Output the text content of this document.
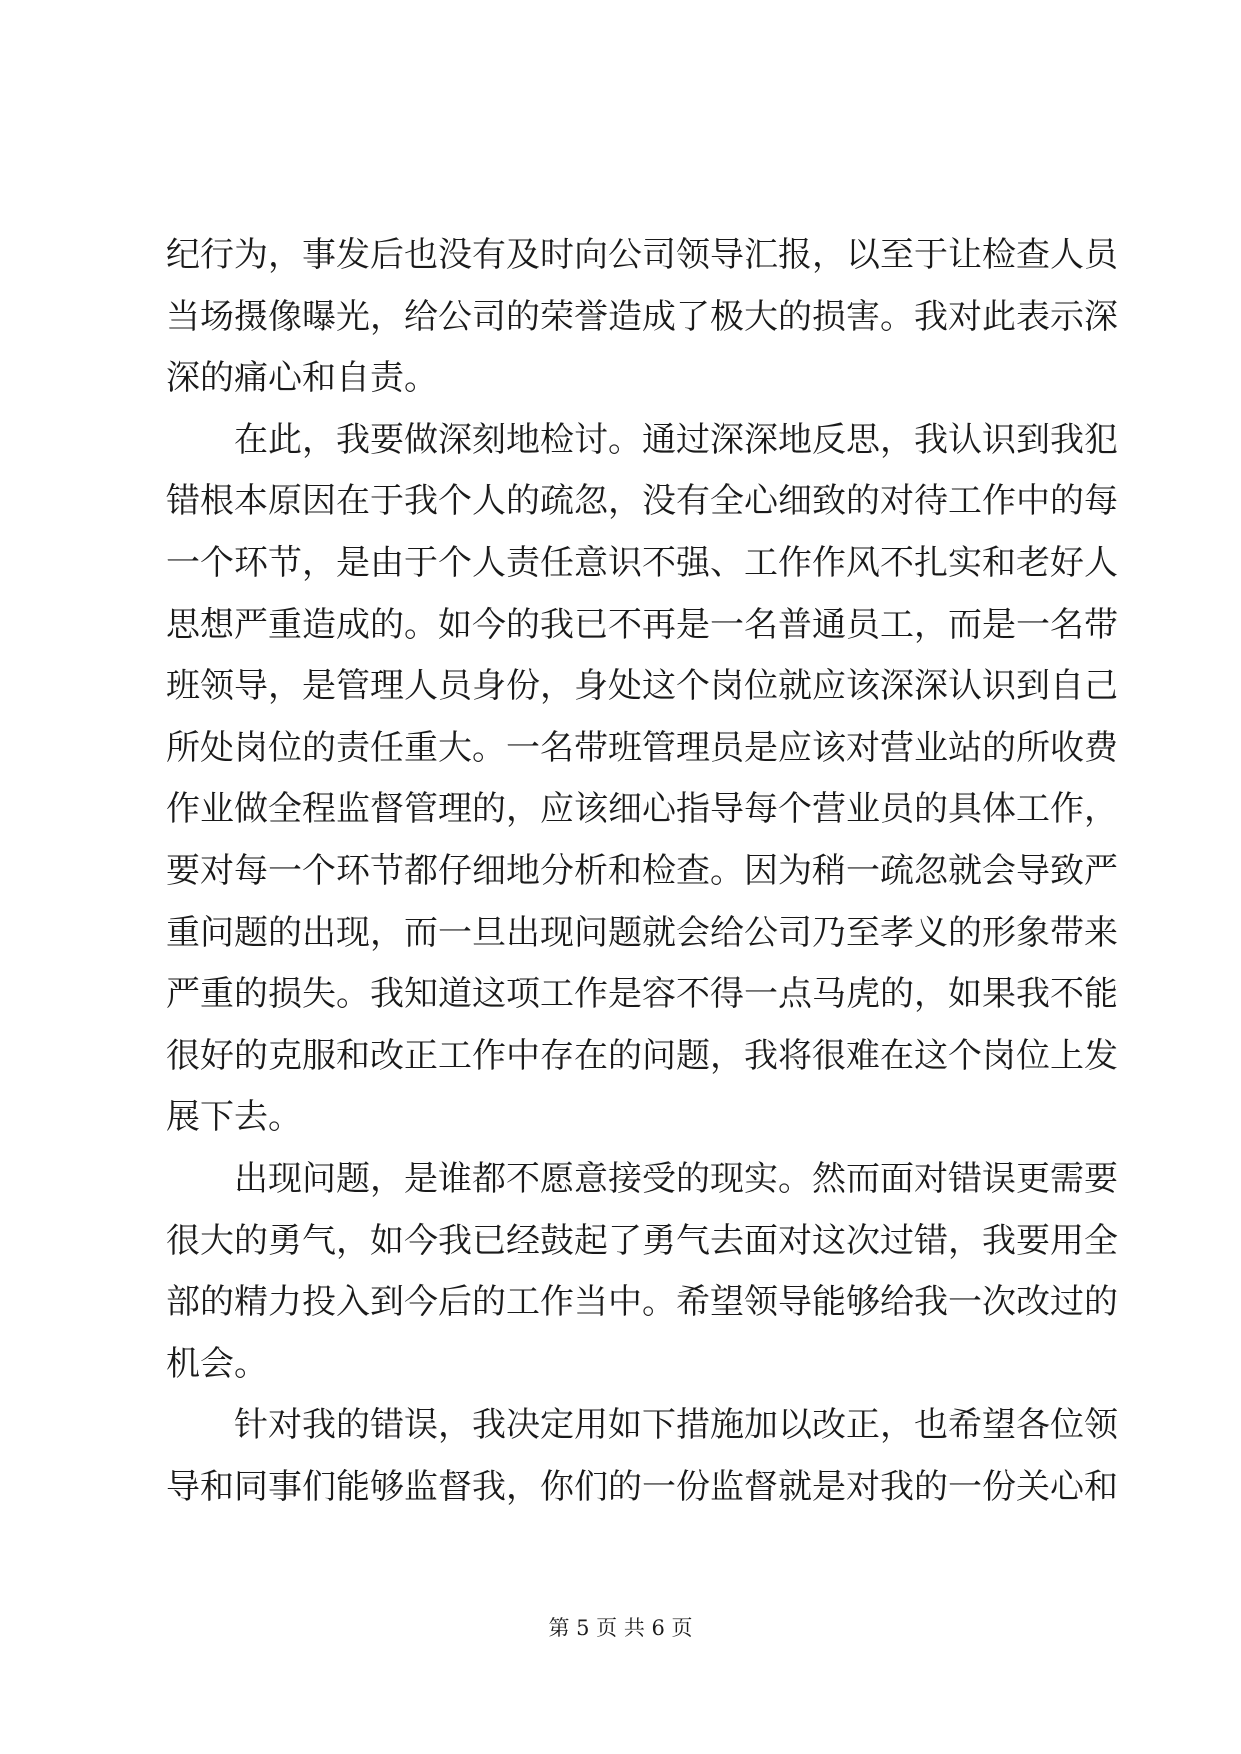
纪行为，事发后也没有及时向公司领导汇报，以至于让检查人员
当场摄像曝光，给公司的荣誉造成了极大的损害。我对此表示深
深的痛心和自责。
在此，我要做深刻地检讨。通过深深地反思，我认识到我犯
错根本原因在于我个人的疏忽，没有全心细致的对待工作中的每
一个环节，是由于个人责任意识不强、工作作风不扎实和老好人
思想严重造成的。如今的我已不再是一名普通员工，而是一名带
班领导，是管理人员身份，身处这个岗位就应该深深认识到自己
所处岗位的责任重大。一名带班管理员是应该对营业站的所收费
作业做全程监督管理的，应该细心指导每个营业员的具体工作，
要对每一个环节都仔细地分析和检查。因为稍一疏忽就会导致严
重问题的出现，而一旦出现问题就会给公司乃至孝义的形象带来
严重的损失。我知道这项工作是容不得一点马虎的，如果我不能
很好的克服和改正工作中存在的问题，我将很难在这个岗位上发
展下去。
出现问题，是谁都不愿意接受的现实。然而面对错误更需要
很大的勇气，如今我已经鼓起了勇气去面对这次过错，我要用全
部的精力投入到今后的工作当中。希望领导能够给我一次改过的
机会。
针对我的错误，我决定用如下措施加以改正，也希望各位领
导和同事们能够监督我，你们的一份监督就是对我的一份关心和
第 5 页 共 6 页
